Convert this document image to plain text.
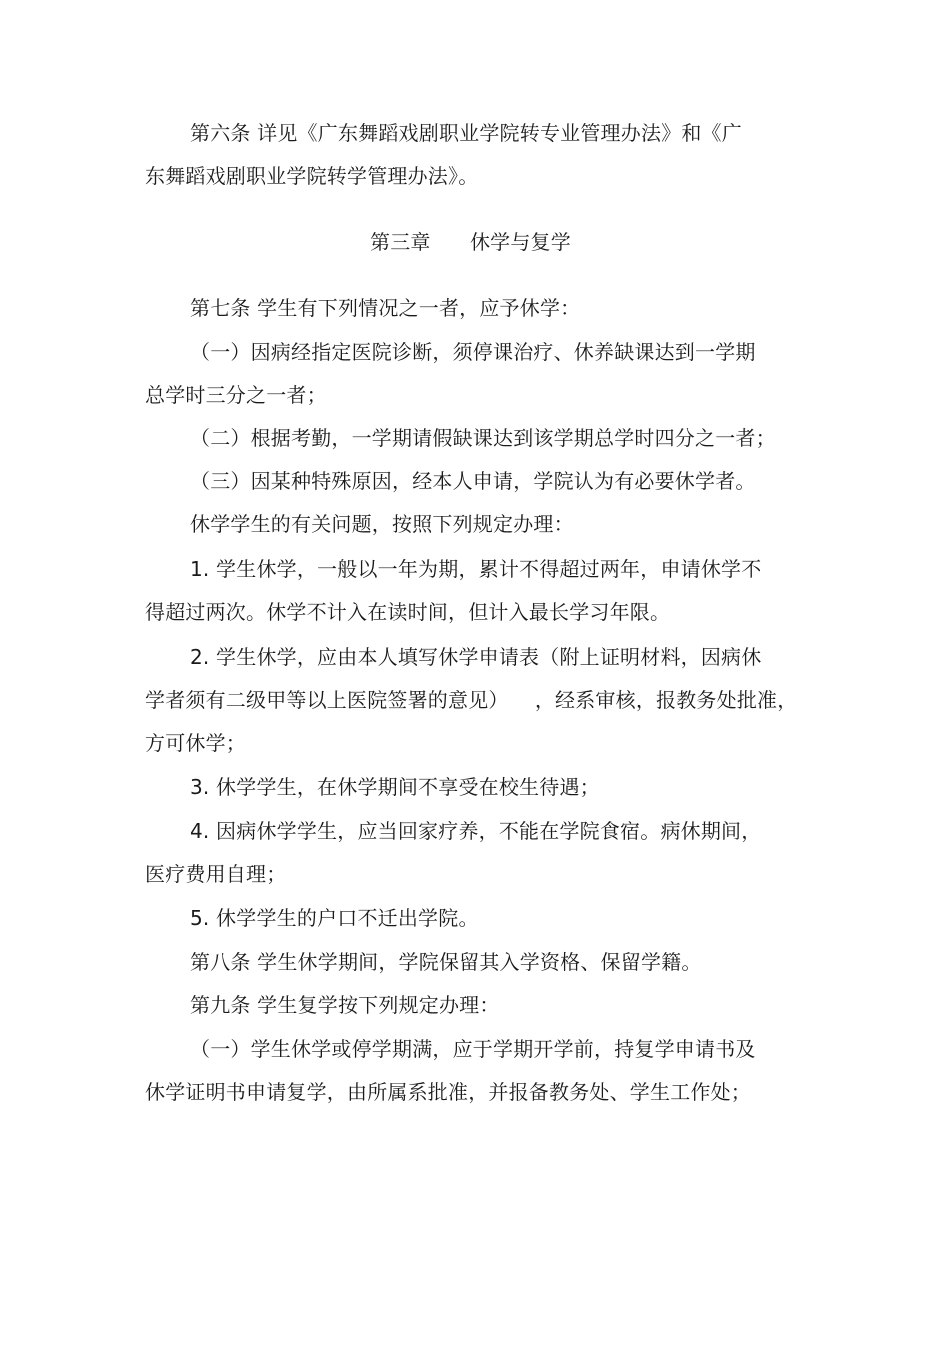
第六条 详见《广东舞蹈戏剧职业学院转专业管理办法》和《广
东舞蹈戏剧职业学院转学管理办法》。
第三章      休学与复学
第七条 学生有下列情况之一者，应予休学：
（一）因病经指定医院诊断，须停课治疗、休养缺课达到一学期
总学时三分之一者；
（二）根据考勤，一学期请假缺课达到该学期总学时四分之一者；
（三）因某种特殊原因，经本人申请，学院认为有必要休学者。
休学学生的有关问题，按照下列规定办理：
1. 学生休学，一般以一年为期，累计不得超过两年，申请休学不
得超过两次。休学不计入在读时间，但计入最长学习年限。
2. 学生休学，应由本人填写休学申请表（附上证明材料，因病休
学者须有二级甲等以上医院签署的意见）    ，经系审核，报教务处批准，
方可休学；
3. 休学学生，在休学期间不享受在校生待遇；
4. 因病休学学生，应当回家疗养，不能在学院食宿。病休期间，
医疗费用自理；
5. 休学学生的户口不迁出学院。
第八条 学生休学期间，学院保留其入学资格、保留学籍。
第九条 学生复学按下列规定办理：
（一）学生休学或停学期满，应于学期开学前，持复学申请书及
休学证明书申请复学，由所属系批准，并报备教务处、学生工作处；
